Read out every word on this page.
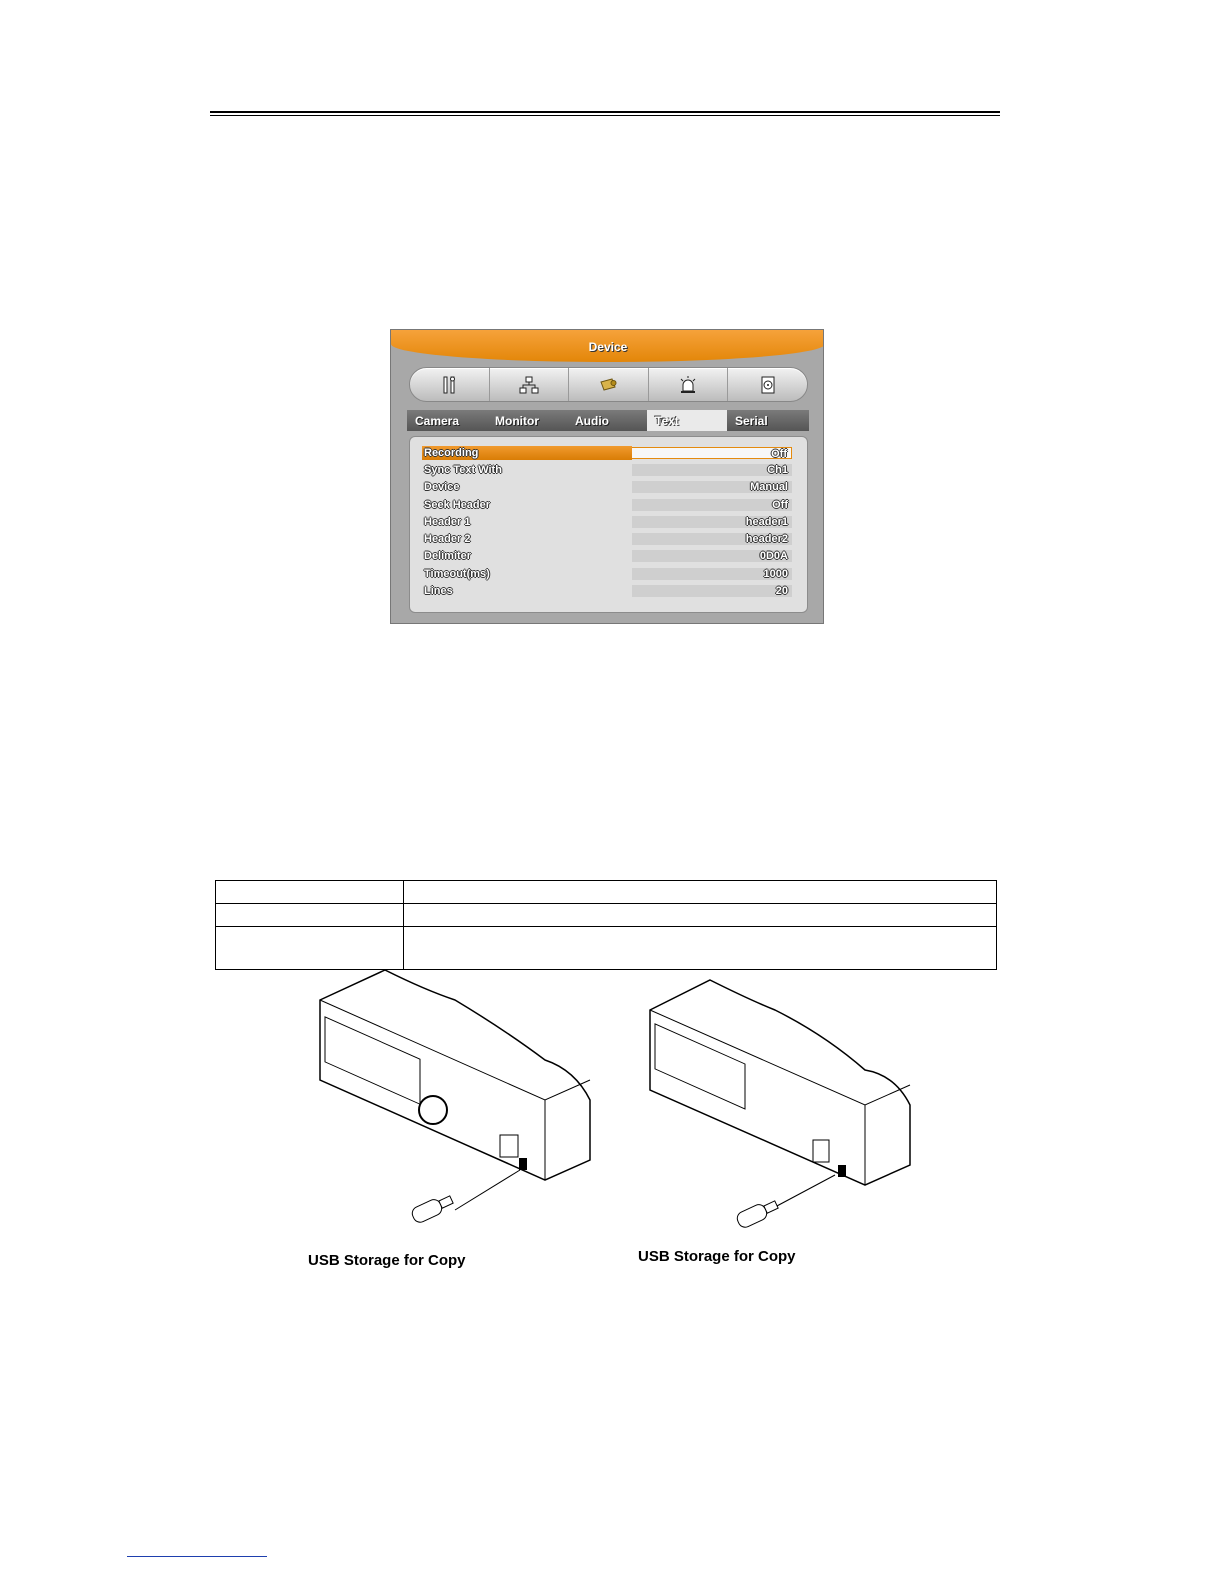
Device
Camera	Monitor	Audio	Text	Serial
Recording	Off
Sync Text With	Ch1
Device	Manual
Seek Header	Off
Header 1	header1
Header 2	header2
Delimiter	0D0A
Timeout(ms)	1000
Lines	20

USB Storage for Copy	USB Storage for Copy
